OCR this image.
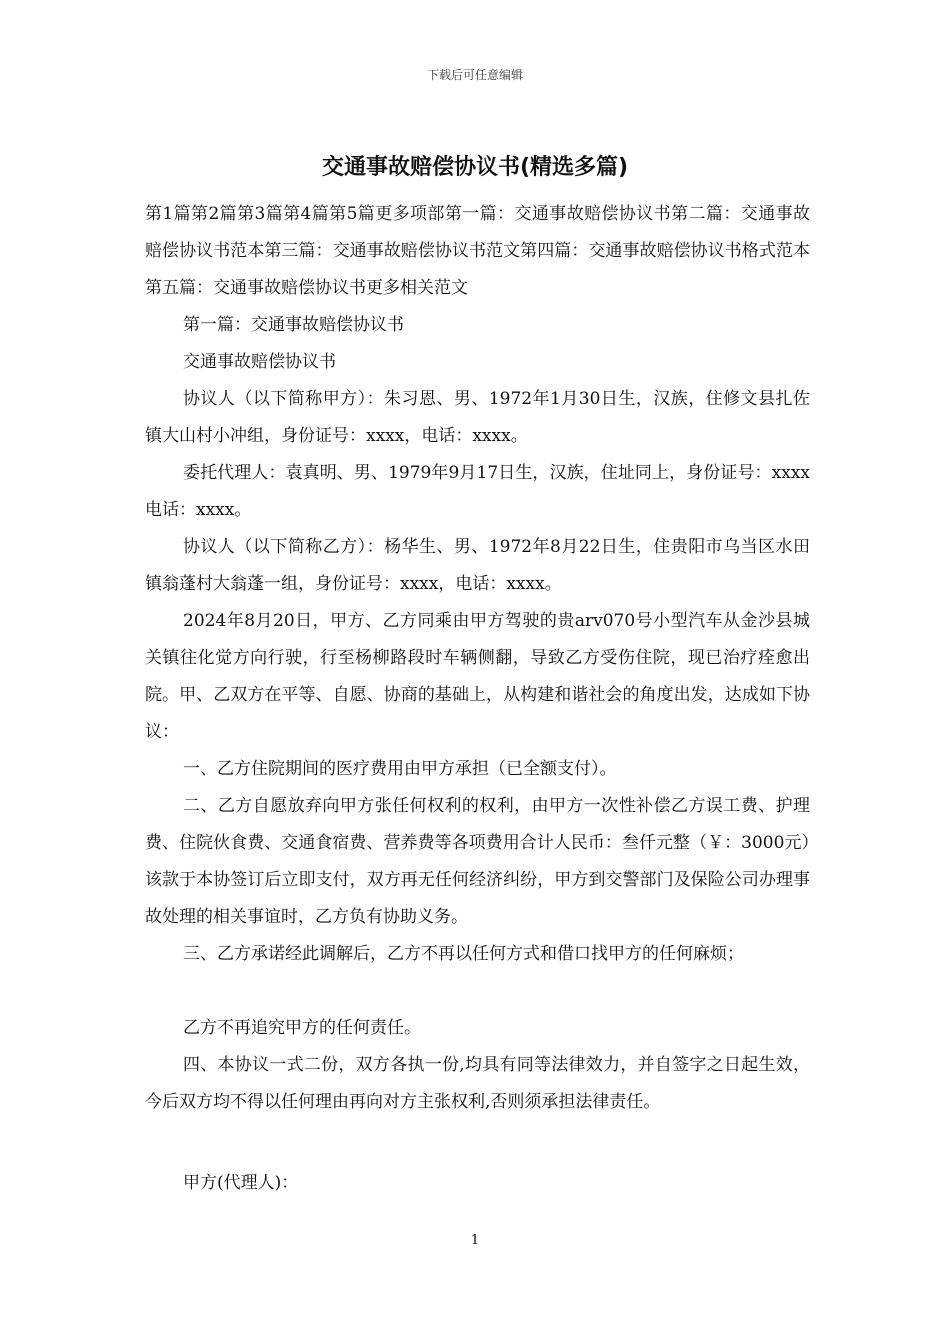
下载后可任意编辑
交通事故赔偿协议书(精选多篇)

第1篇第2篇第3篇第4篇第5篇更多项部第一篇：交通事故赔偿协议书第二篇：交通事故赔偿协议书范本第三篇：交通事故赔偿协议书范文第四篇：交通事故赔偿协议书格式范本第五篇：交通事故赔偿协议书更多相关范文

第一篇：交通事故赔偿协议书

交通事故赔偿协议书

协议人（以下简称甲方）：朱习恩、男、1972年1月30日生，汉族，住修文县扎佐镇大山村小冲组，身份证号：xxxx，电话：xxxx。

委托代理人：袁真明、男、1979年9月17日生，汉族，住址同上，身份证号：xxxx电话：xxxx。

协议人（以下简称乙方）：杨华生、男、1972年8月22日生，住贵阳市乌当区水田镇翁蓬村大翁蓬一组，身份证号：xxxx，电话：xxxx。

2024年8月20日，甲方、乙方同乘由甲方驾驶的贵arv070号小型汽车从金沙县城关镇往化觉方向行驶，行至杨柳路段时车辆侧翻，导致乙方受伤住院，现已治疗痊愈出院。甲、乙双方在平等、自愿、协商的基础上，从构建和谐社会的角度出发，达成如下协议：

一、乙方住院期间的医疗费用由甲方承担（已全额支付）。

二、乙方自愿放弃向甲方张任何权利的权利，由甲方一次性补偿乙方误工费、护理费、住院伙食费、交通食宿费、营养费等各项费用合计人民币：叁仟元整（￥：3000元）该款于本协签订后立即支付，双方再无任何经济纠纷，甲方到交警部门及保险公司办理事故处理的相关事谊时，乙方负有协助义务。

三、乙方承诺经此调解后，乙方不再以任何方式和借口找甲方的任何麻烦；

乙方不再追究甲方的任何责任。

四、本协议一式二份，双方各执一份,均具有同等法律效力，并自签字之日起生效，今后双方均不得以任何理由再向对方主张权利,否则须承担法律责任。

甲方(代理人)：

1
